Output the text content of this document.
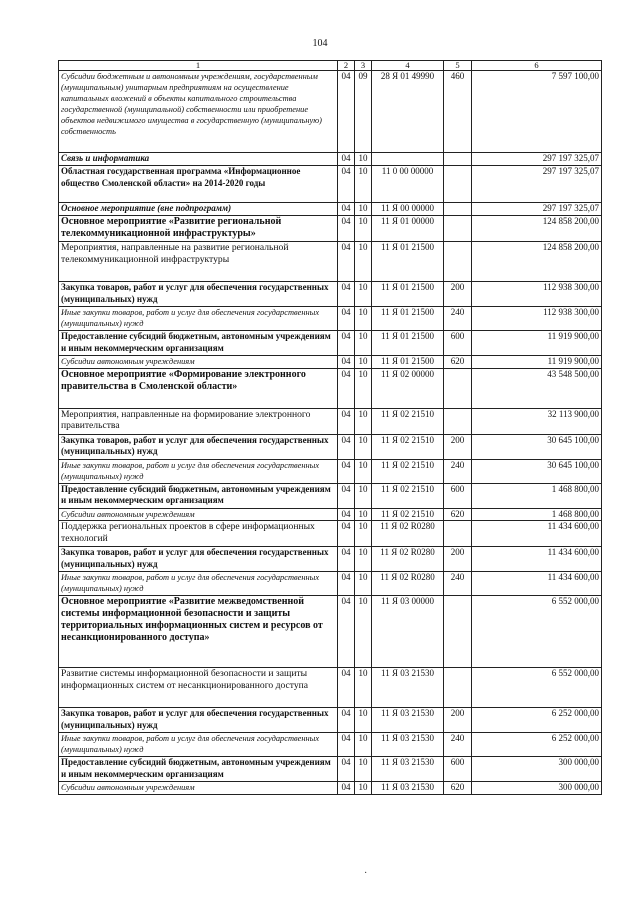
104
1	2	3	4	5	6
Субсидии бюджетным и автономным учреждениям, государственным (муниципальным) унитарным предприятиям на осуществление капитальных вложений в объекты капитального строительства государственной (муниципальной) собственности или приобретение объектов недвижимого имущества в государственную (муниципальную) собственность	04	09	28 Я 01 49990	460	7 597 100,00
Связь и информатика	04	10			297 197 325,07
Областная государственная программа «Информационное общество Смоленской области» на 2014-2020 годы	04	10	11 0 00 00000		297 197 325,07
Основное мероприятие (вне подпрограмм)	04	10	11 Я 00 00000		297 197 325,07
Основное мероприятие «Развитие региональной телекоммуникационной инфраструктуры»	04	10	11 Я 01 00000		124 858 200,00
Мероприятия, направленные на развитие региональной телекоммуникационной инфраструктуры	04	10	11 Я 01 21500		124 858 200,00
Закупка товаров, работ и услуг для обеспечения государственных (муниципальных) нужд	04	10	11 Я 01 21500	200	112 938 300,00
Иные закупки товаров, работ и услуг для обеспечения государственных (муниципальных) нужд	04	10	11 Я 01 21500	240	112 938 300,00
Предоставление субсидий бюджетным, автономным учреждениям и иным некоммерческим организациям	04	10	11 Я 01 21500	600	11 919 900,00
Субсидии автономным учреждениям	04	10	11 Я 01 21500	620	11 919 900,00
Основное мероприятие «Формирование электронного правительства в Смоленской области»	04	10	11 Я 02 00000		43 548 500,00
Мероприятия, направленные на формирование электронного правительства	04	10	11 Я 02 21510		32 113 900,00
Закупка товаров, работ и услуг для обеспечения государственных (муниципальных) нужд	04	10	11 Я 02 21510	200	30 645 100,00
Иные закупки товаров, работ и услуг для обеспечения государственных (муниципальных) нужд	04	10	11 Я 02 21510	240	30 645 100,00
Предоставление субсидий бюджетным, автономным учреждениям и иным некоммерческим организациям	04	10	11 Я 02 21510	600	1 468 800,00
Субсидии автономным учреждениям	04	10	11 Я 02 21510	620	1 468 800,00
Поддержка региональных проектов в сфере информационных технологий	04	10	11 Я 02 R0280		11 434 600,00
Закупка товаров, работ и услуг для обеспечения государственных (муниципальных) нужд	04	10	11 Я 02 R0280	200	11 434 600,00
Иные закупки товаров, работ и услуг для обеспечения государственных (муниципальных) нужд	04	10	11 Я 02 R0280	240	11 434 600,00
Основное мероприятие «Развитие межведомственной системы информационной безопасности и защиты территориальных информационных систем и ресурсов от несанкционированного доступа»	04	10	11 Я 03 00000		6 552 000,00
Развитие системы информационной безопасности и защиты информационных систем от несанкционированного доступа	04	10	11 Я 03 21530		6 552 000,00
Закупка товаров, работ и услуг для обеспечения государственных (муниципальных) нужд	04	10	11 Я 03 21530	200	6 252 000,00
Иные закупки товаров, работ и услуг для обеспечения государственных (муниципальных) нужд	04	10	11 Я 03 21530	240	6 252 000,00
Предоставление субсидий бюджетным, автономным учреждениям и иным некоммерческим организациям	04	10	11 Я 03 21530	600	300 000,00
Субсидии автономным учреждениям	04	10	11 Я 03 21530	620	300 000,00
·
